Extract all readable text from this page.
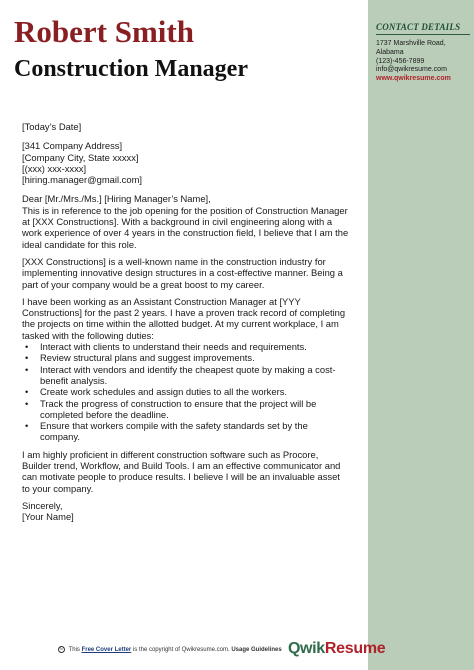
CONTACT DETAILS
1737 Marshville Road,
Alabama
(123)-456-7899
info@qwikresume.com
www.qwikresume.com
Robert Smith
Construction Manager
[Today’s Date]
[341 Company Address]
[Company City, State xxxxx]
[(xxx) xxx-xxxx]
[hiring.manager@gmail.com]
Dear [Mr./Mrs./Ms.] [Hiring Manager’s Name],
This is in reference to the job opening for the position of Construction Manager
at [XXX Constructions]. With a background in civil engineering along with a
work experience of over 4 years in the construction field, I believe that I am the
ideal candidate for this role.
[XXX Constructions] is a well-known name in the construction industry for
implementing innovative design structures in a cost-effective manner. Being a
part of your company would be a great boost to my career.
I have been working as an Assistant Construction Manager at [YYY
Constructions] for the past 2 years. I have a proven track record of completing
the projects on time within the allotted budget. At my current workplace, I am
tasked with the following duties:
• Interact with clients to understand their needs and requirements.
• Review structural plans and suggest improvements.
• Interact with vendors and identify the cheapest quote by making a cost-
benefit analysis.
• Create work schedules and assign duties to all the workers.
• Track the progress of construction to ensure that the project will be
completed before the deadline.
• Ensure that workers compile with the safety standards set by the
company.
I am highly proficient in different construction software such as Procore,
Builder trend, Workflow, and Build Tools. I am an effective communicator and
can motivate people to produce results. I believe I will be an invaluable asset
to your company.
Sincerely,
[Your Name]
© This Free Cover Letter is the copyright of Qwikresume.com. Usage Guidelines Q wikResume
